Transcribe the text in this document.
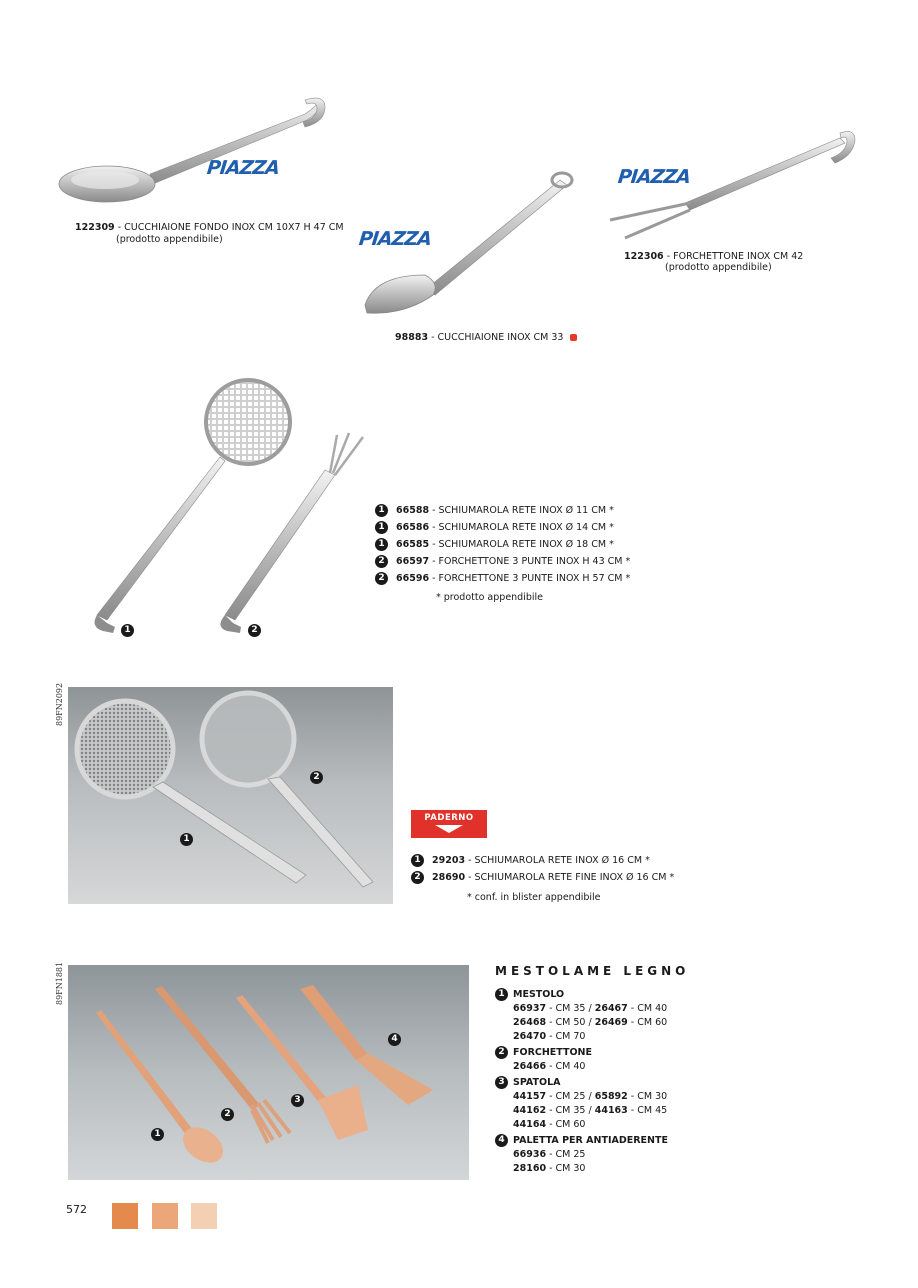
PIAZZA
122309 - CUCCHIAIONE FONDO INOX CM 10X7 H 47 CM
(prodotto appendibile)	PIAZZA
98883 - CUCCHIAIONE INOX CM 33
PIAZZA
122306 - FORCHETTONE INOX CM 42
(prodotto appendibile)
1	2
1	66588 - SCHIUMAROLA RETE INOX Ø 11 CM *
1	66586 - SCHIUMAROLA RETE INOX Ø 14 CM *
1	66585 - SCHIUMAROLA RETE INOX Ø 18 CM *
2	66597 - FORCHETTONE 3 PUNTE INOX H 43 CM *
2	66596 - FORCHETTONE 3 PUNTE INOX H 57 CM *
* prodotto appendibile
89FN2092
1
2
PADERNO
1	29203 - SCHIUMAROLA RETE INOX Ø 16 CM *
2	28690 - SCHIUMAROLA RETE FINE INOX Ø 16 CM *
* conf. in blister appendibile
89FN1881
1
2
3
4
MESTOLAME LEGNO
1 MESTOLO
66937 - CM 35 / 26467 - CM 40
26468 - CM 50 / 26469 - CM 60
26470 - CM 70
2 FORCHETTONE
26466 - CM 40
3 SPATOLA
44157 - CM 25 / 65892 - CM 30
44162 - CM 35 / 44163 - CM 45
44164 - CM 60
4 PALETTA PER ANTIADERENTE
66936 - CM 25
28160 - CM 30
572
